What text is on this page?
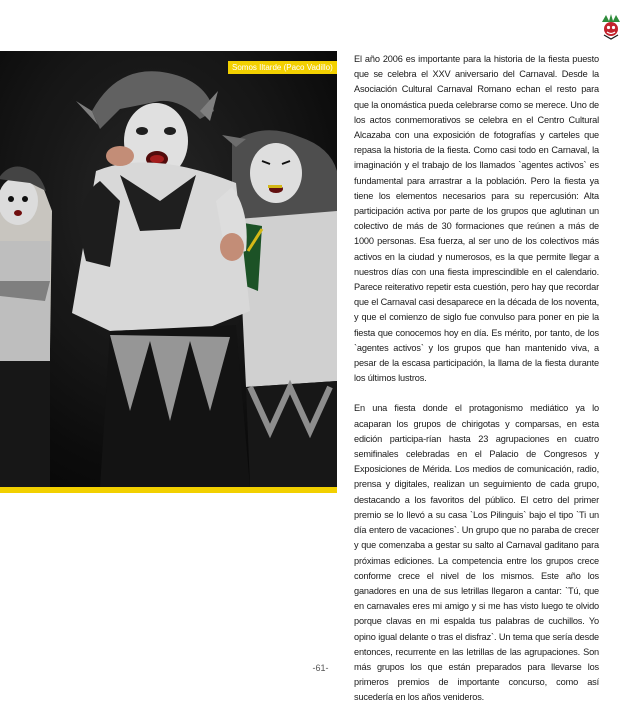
Somos Iltarde (Paco Vadillo)

El año 2006 es importante para la historia de la fiesta puesto que se celebra el XXV aniversario del Carnaval. Desde la Asociación Cultural Carnaval Romano echan el resto para que la onomástica pueda celebrarse como se merece. Uno de los actos conmemorativos se celebra en el Centro Cultural Alcazaba con una exposición de fotografías y carteles que repasa la historia de la fiesta. Como casi todo en Carnaval, la imaginación y el trabajo de los llamados `agentes activos` es fundamental para arrastrar a la población. Pero la fiesta ya tiene los elementos necesarios para su repercusión: Alta participación activa por parte de los grupos que aglutinan un colectivo de más de 30 formaciones que reúnen a más de 1000 personas. Esa fuerza, al ser uno de los colectivos más activos en la ciudad y numerosos, es la que permite llegar a nuestros días con una fiesta imprescindible en el calendario. Parece reiterativo repetir esta cuestión, pero hay que recordar que el Carnaval casi desaparece en la década de los noventa, y que el comienzo de siglo fue convulso para poner en pie la fiesta que conocemos hoy en día. Es mérito, por tanto, de los `agentes activos` y los grupos que han mantenido viva, a pesar de la escasa participación, la llama de la fiesta durante los últimos lustros.

En una fiesta donde el protagonismo mediático ya lo acaparan los grupos de chirigotas y comparsas, en esta edición participa-rían hasta 23 agrupaciones en cuatro semifinales celebradas en el Palacio de Congresos y Exposiciones de Mérida. Los medios de comunicación, radio, prensa y digitales, realizan un seguimiento de cada grupo, destacando a los favoritos del público. El cetro del primer premio se lo llevó a su casa `Los Pilinguis` bajo el tipo `Ti un día entero de vacaciones`. Un grupo que no paraba de crecer y que comenzaba a gestar su salto al Carnaval gaditano para próximas ediciones. La competencia entre los grupos crece conforme crece el nivel de los mismos. Este año los ganadores en una de sus letrillas llegaron a cantar: `Tú, que en carnavales eres mi amigo y si me has visto luego te olvido porque clavas en mi espalda tus palabras de cuchillos. Yo opino igual delante o tras el disfraz`. Un tema que sería desde entonces, recurrente en las letrillas de las agrupaciones. Son más grupos los que están preparados para llevarse los primeros premios de importante concurso, como así sucedería en los años venideros.

-61-
